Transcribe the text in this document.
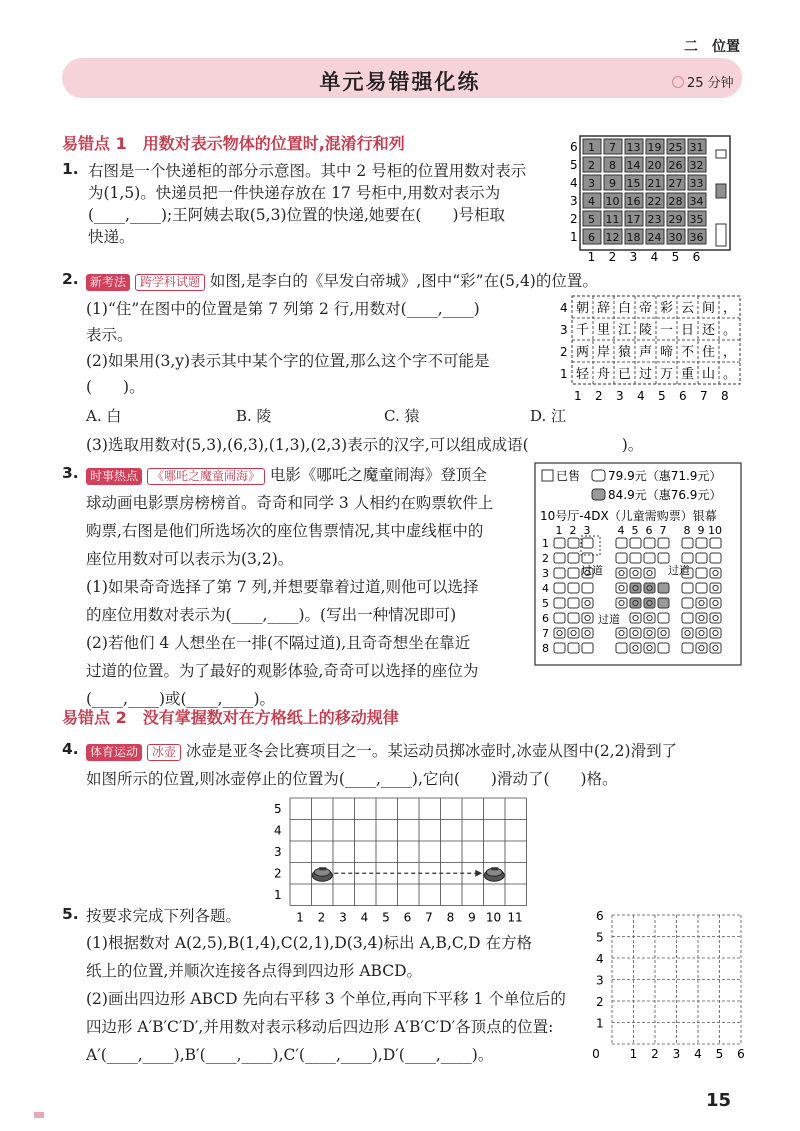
二　位置
单元易错强化练	25 分钟
易错点 1　用数对表示物体的位置时,混淆行和列
1. 右图是一个快递柜的部分示意图。其中 2 号柜的位置用数对表示
为(1,5)。快递员把一件快递存放在 17 号柜中,用数对表示为
(____,____);王阿姨去取(5,3)位置的快递,她要在(　　)号柜取
快递。
1 7 13 19 25 31
2 8 14 20 26 32
3 9 15 21 27 33
4 10 16 22 28 34
5 11 17 23 29 35
6 12 18 24 30 36
6
5
4
3
2
1
1 2 3 4 5 6
2. 新考法 跨学科试题 如图,是李白的《早发白帝城》,图中“彩”在(5,4)的位置。
(1)“住”在图中的位置是第 7 列第 2 行,用数对(____,____)
表示。
(2)如果用(3,y)表示其中某个字的位置,那么这个字不可能是
(　　)。
A. 白	B. 陵	C. 猿	D. 江
(3)选取用数对(5,3),(6,3),(1,3),(2,3)表示的汉字,可以组成成语(　　　　　　)。
朝 辞 白 帝 彩 云 间 ，
千 里 江 陵 一 日 还 。
两 岸 猿 声 啼 不 住 ，
轻 舟 已 过 万 重 山 。
4
3
2
1
1 2 3 4 5 6 7 8
3. 时事热点 《哪吒之魔童闹海》 电影《哪吒之魔童闹海》登顶全
球动画电影票房榜榜首。奇奇和同学 3 人相约在购票软件上
购票,右图是他们所选场次的座位售票情况,其中虚线框中的
座位用数对可以表示为(3,2)。
(1)如果奇奇选择了第 7 列,并想要靠着过道,则他可以选择
的座位用数对表示为(____,____)。(写出一种情况即可)
(2)若他们 4 人想坐在一排(不隔过道),且奇奇想坐在靠近
过道的位置。为了最好的观影体验,奇奇可以选择的座位为
(____,____)或(____,____)。
已售 79.9元（惠71.9元）
84.9元（惠76.9元）
10号厅-4DX（儿童需购票）银幕
1 2 3 4 5 6 7 8 9 10
1
2
3
4
5
6
7
8
过道	过道
过道
易错点 2　没有掌握数对在方格纸上的移动规律
4. 体育运动 冰壶 冰壶是亚冬会比赛项目之一。某运动员掷冰壶时,冰壶从图中(2,2)滑到了
如图所示的位置,则冰壶停止的位置为(____,____),它向(　　)滑动了(　　)格。
1 2 3 4 5 6 7 8 9 10 11
1
2
3
4
5
5. 按要求完成下列各题。
(1)根据数对 A(2,5),B(1,4),C(2,1),D(3,4)标出 A,B,C,D 在方格
纸上的位置,并顺次连接各点得到四边形 ABCD。
(2)画出四边形 ABCD 先向右平移 3 个单位,再向下平移 1 个单位后的
四边形 A′B′C′D′,并用数对表示移动后四边形 A′B′C′D′各顶点的位置:
A′(____,____),B′(____,____),C′(____,____),D′(____,____)。	0 1 2 3 4 5 6
1
2
3
4
5
6
15
